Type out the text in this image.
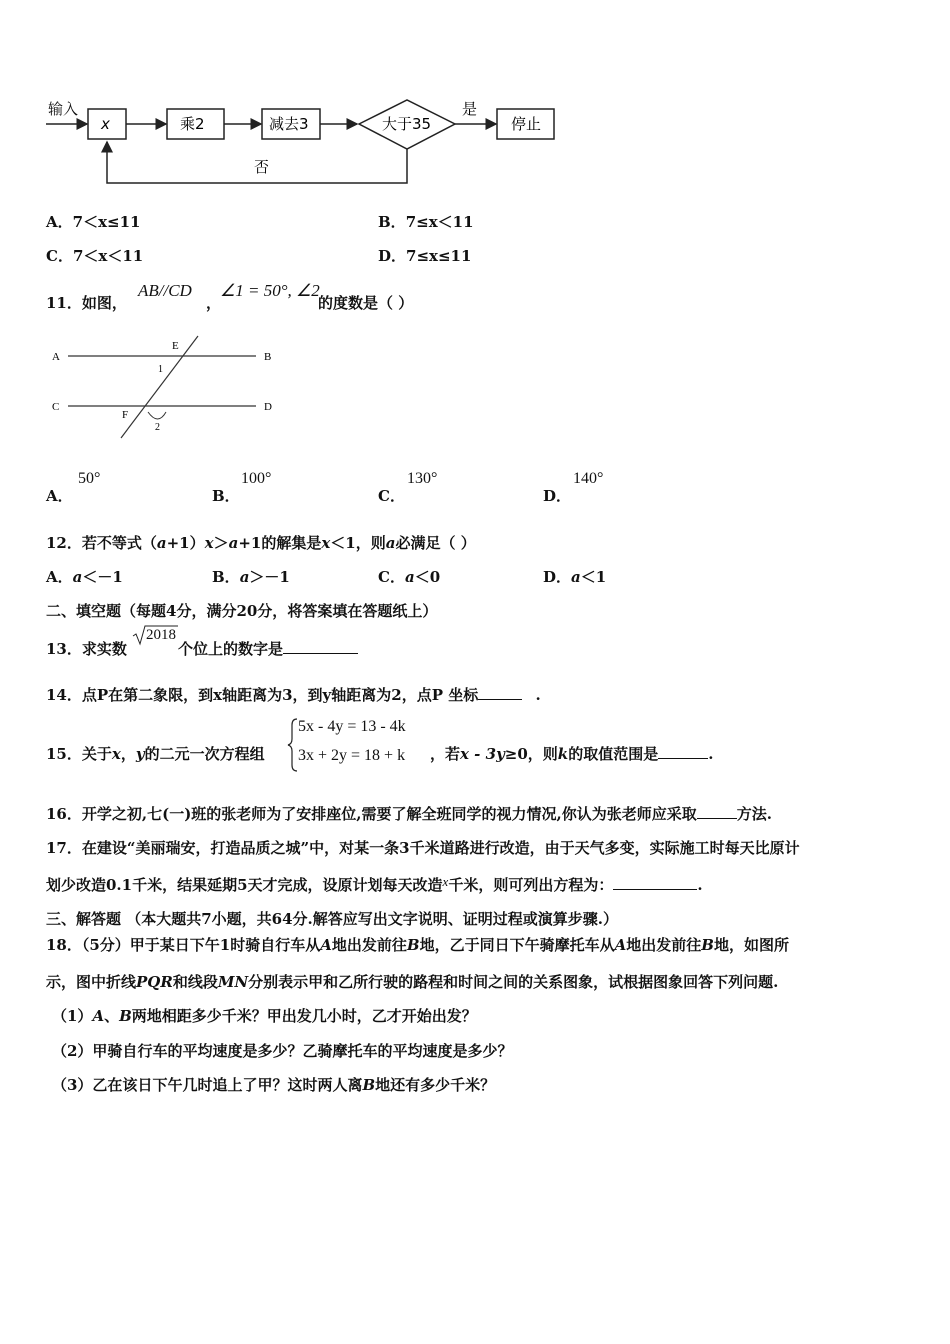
输入
x	乘2	减去3	大于35
是
停止
否
A．7＜x≤11	B．7≤x＜11
C．7＜x＜11	D．7≤x≤11
11．如图，
AB//CD
，
∠1 = 50°, ∠2
的度数是（ ）
A	B
C	D
E
F
1
2
A．
50°
B．
100°
C．
130°
D．
140°
12．若不等式（a+1）x＞a+1的解集是x＜1，则a必满足（ ）
A．a＜－1	B．a＞－1	C．a＜0	D．a＜1
二、填空题（每题4分，满分20分，将答案填在答题纸上）
13．求实数
2018
个位上的数字是
14．点P在第二象限，到x轴距离为3，到y轴距离为2，点P 坐标	.
15．关于x，y的二元一次方程组
5x - 4y = 13 - 4k
3x + 2y = 18 + k ，若x - 3y≥0，则k的取值范围是	.
16．开学之初,七(一)班的张老师为了安排座位,需要了解全班同学的视力情况,你认为张老师应采取	方法.
17．在建设“美丽瑞安，打造品质之城”中，对某一条3千米道路进行改造，由于天气多变，实际施工时每天比原计
划少改造0.1千米，结果延期5天才完成，设原计划每天改造x千米，则可列出方程为：	.
三、解答题 （本大题共7小题，共64分.解答应写出文字说明、证明过程或演算步骤.）
18．（5分）甲于某日下午1时骑自行车从A地出发前往B地，乙于同日下午骑摩托车从A地出发前往B地，如图所
示，图中折线PQR和线段MN分别表示甲和乙所行驶的路程和时间之间的关系图象，试根据图象回答下列问题.
（1）A、B两地相距多少千米？甲出发几小时，乙才开始出发？
（2）甲骑自行车的平均速度是多少？乙骑摩托车的平均速度是多少？
（3）乙在该日下午几时追上了甲？这时两人离B地还有多少千米？
